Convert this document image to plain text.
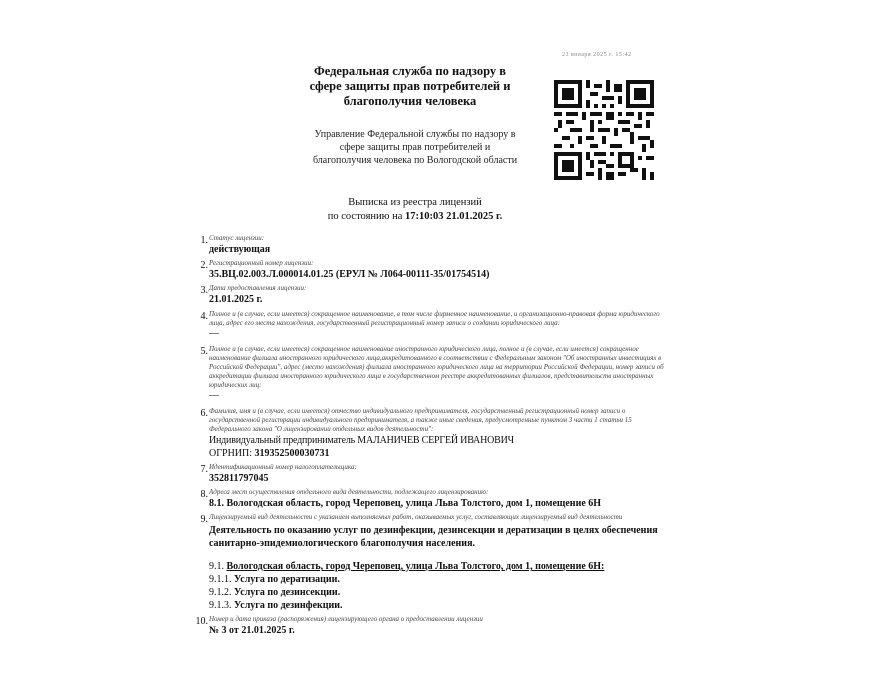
23 января 2025 г. 15:42
Федеральная служба по надзору в
сфере защиты прав потребителей и
благополучия человека
Управление Федеральной службы по надзору в
сфере защиты прав потребителей и
благополучия человека по Вологодской области
Выписка из реестра лицензий
по состоянию на 17:10:03 21.01.2025 г.
1. Статус лицензии:
действующая
2. Регистрационный номер лицензии:
35.ВЦ.02.003.Л.000014.01.25 (ЕРУЛ № Л064-00111-35/01754514)
3. Дата предоставления лицензии:
21.01.2025 г.
4. Полное и (в случае, если имеется) сокращенное наименование, в том числе фирменное наименование, и организационно-правовая форма юридического лица, адрес его места нахождения, государственный регистрационный номер записи о создании юридического лица:
—
5. Полное и (в случае, если имеется) сокращенное наименование иностранного юридического лица, полное и (в случае, если имеется) сокращенное наименование филиала иностранного юридического лица,аккредитованного в соответствии с Федеральным законом "Об иностранных инвестициях в Российской Федерации", адрес (место нахождения) филиала иностранного юридического лица на территории Российской Федерации, номер записи об аккредитации филиала иностранного юридического лица в государственном реестре аккредитованных филиалов, представительств иностранных юридических лиц:
—
6. Фамилия, имя и (в случае, если имеется) отчество индивидуального предпринимателя, государственный регистрационный номер записи о государственной регистрации индивидуального предпринимателя, а также иные сведения, предусмотренные пунктом 3 части 1 статьи 15 Федерального закона "О лицензировании отдельных видов деятельности":
Индивидуальный предприниматель МАЛАНИЧЕВ СЕРГЕЙ ИВАНОВИЧ
ОГРНИП: 319352500030731
7. Идентификационный номер налогоплательщика:
352811797045
8. Адреса мест осуществления отдельного вида деятельности, подлежащего лицензированию:
8.1. Вологодская область, город Череповец, улица Льва Толстого, дом 1, помещение 6Н
9. Лицензируемый вид деятельности с указанием выполняемых работ, оказываемых услуг, составляющих лицензируемый вид деятельности
Деятельность по оказанию услуг по дезинфекции, дезинсекции и дератизации в целях обеспечения санитарно-эпидемиологического благополучия населения.
9.1. Вологодская область, город Череповец, улица Льва Толстого, дом 1, помещение 6Н:
9.1.1. Услуга по дератизации.
9.1.2. Услуга по дезинсекции.
9.1.3. Услуга по дезинфекции.
10. Номер и дата приказа (распоряжения) лицензирующего органа о предоставлении лицензии
№ 3 от 21.01.2025 г.
